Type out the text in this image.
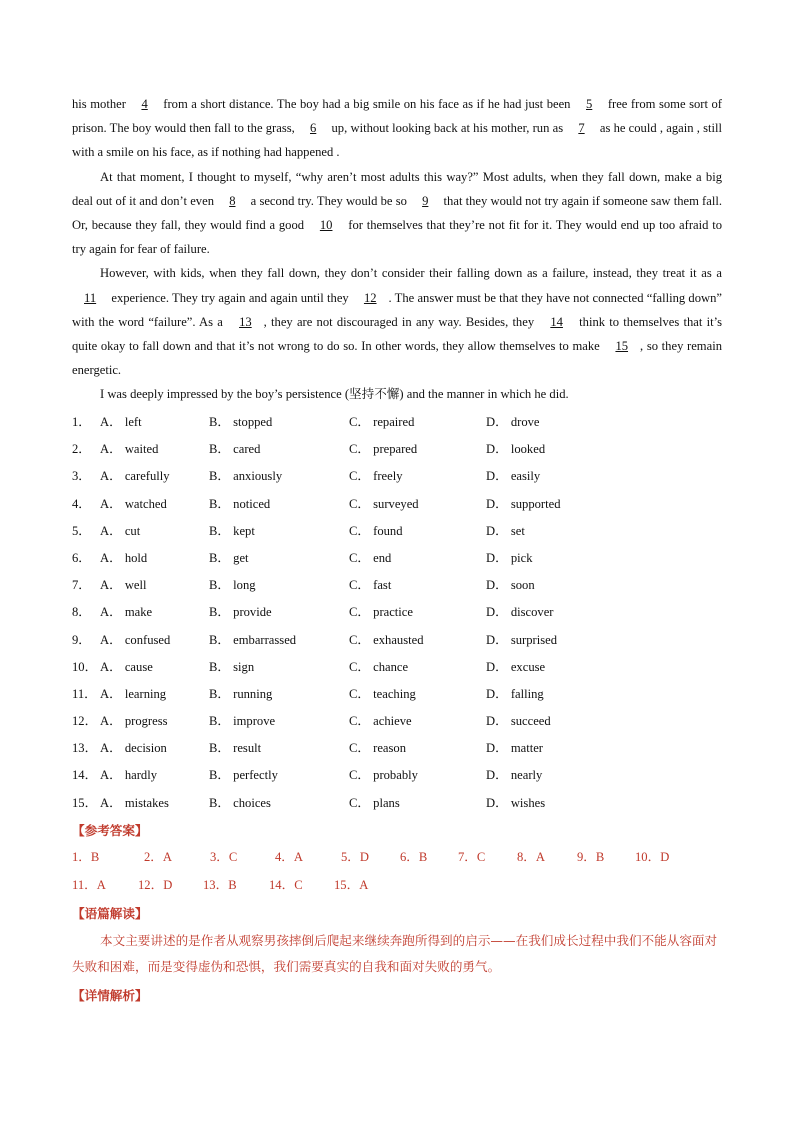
his mother 4 from a short distance. The boy had a big smile on his face as if he had just been 5 free from some sort of prison. The boy would then fall to the grass, 6 up, without looking back at his mother, run as 7 as he could , again , still with a smile on his face, as if nothing had happened .

At that moment, I thought to myself, “why aren’t most adults this way?” Most adults, when they fall down, make a big deal out of it and don’t even 8 a second try. They would be so 9 that they would not try again if someone saw them fall. Or, because they fall, they would find a good 10 for themselves that they’re not fit for it. They would end up too afraid to try again for fear of failure.

However, with kids, when they fall down, they don’t consider their falling down as a failure, instead, they treat it as a 11 experience. They try again and again until they 12 . The answer must be that they have not connected “falling down” with the word “failure”. As a 13 , they are not discouraged in any way. Besides, they 14 think to themselves that it’s quite okay to fall down and that it’s not wrong to do so. In other words, they allow themselves to make 15 , so they remain energetic.

I was deeply impressed by the boy’s persistence (坚持不懈) and the manner in which he did.

1． A． left	B． stopped	C． repaired	D． drove
2． A． waited	B． cared	C． prepared	D． looked
3． A． carefully	B． anxiously	C． freely	D． easily
4． A． watched	B． noticed	C． surveyed	D． supported
5． A． cut	B． kept	C． found	D． set
6． A． hold	B． get	C． end	D． pick
7． A． well	B． long	C． fast	D． soon
8． A． make	B． provide	C． practice	D． discover
9． A． confused	B． embarrassed	C． exhausted	D． surprised
10． A． cause	B． sign	C． chance	D． excuse
11． A． learning	B． running	C． teaching	D． falling
12． A． progress	B． improve	C． achieve	D． succeed
13． A． decision	B． result	C． reason	D． matter
14． A． hardly	B． perfectly	C． probably	D． nearly
15． A． mistakes	B． choices	C． plans	D． wishes
【参考答案】
1．B	2．A	3．C	4．A	5．D 6．B 7．C	8．A	9．B 10．D
11．A	12．D 13．B	14．C 15．A
【语篇解读】

本文主要讲述的是作者从观察男孩摔倒后爬起来继续奔跑所得到的启示——在我们成长过程中我们不能从容面对失败和困难，而是变得虚伪和恐惧，我们需要真实的自我和面对失败的勇气。

【详情解析】
